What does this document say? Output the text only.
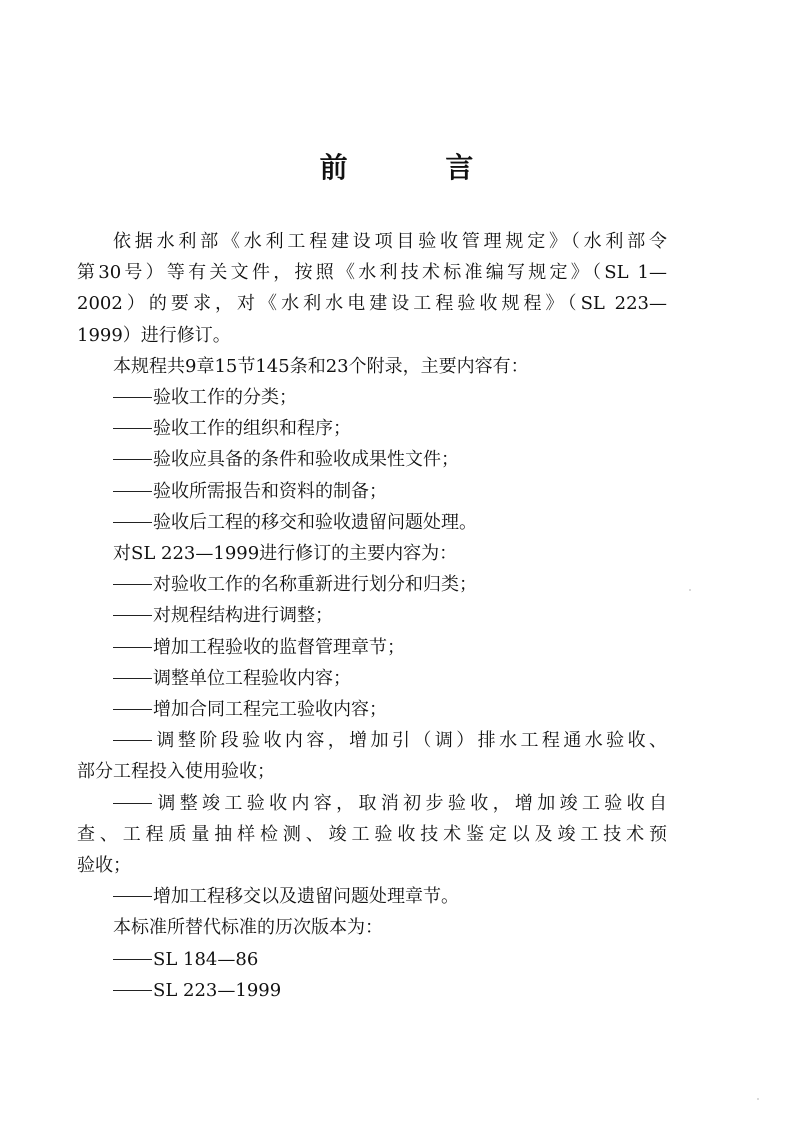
前 言
依据水利部《水利工程建设项目验收管理规定》（水利部令
第30号）等有关文件，按照《水利技术标准编写规定》（SL 1—
2002）的要求，对《水利水电建设工程验收规程》（SL 223—
1999）进行修订。
本规程共9章15节145条和23个附录，主要内容有：
验收工作的分类；
验收工作的组织和程序；
验收应具备的条件和验收成果性文件；
验收所需报告和资料的制备；
验收后工程的移交和验收遗留问题处理。
对SL 223—1999进行修订的主要内容为：
对验收工作的名称重新进行划分和归类；
对规程结构进行调整；
增加工程验收的监督管理章节；
调整单位工程验收内容；
增加合同工程完工验收内容；
调整阶段验收内容，增加引（调）排水工程通水验收、
部分工程投入使用验收；
调整竣工验收内容，取消初步验收，增加竣工验收自
查、工程质量抽样检测、竣工验收技术鉴定以及竣工技术预
验收；
增加工程移交以及遗留问题处理章节。
本标准所替代标准的历次版本为：
SL 184—86
SL 223—1999
